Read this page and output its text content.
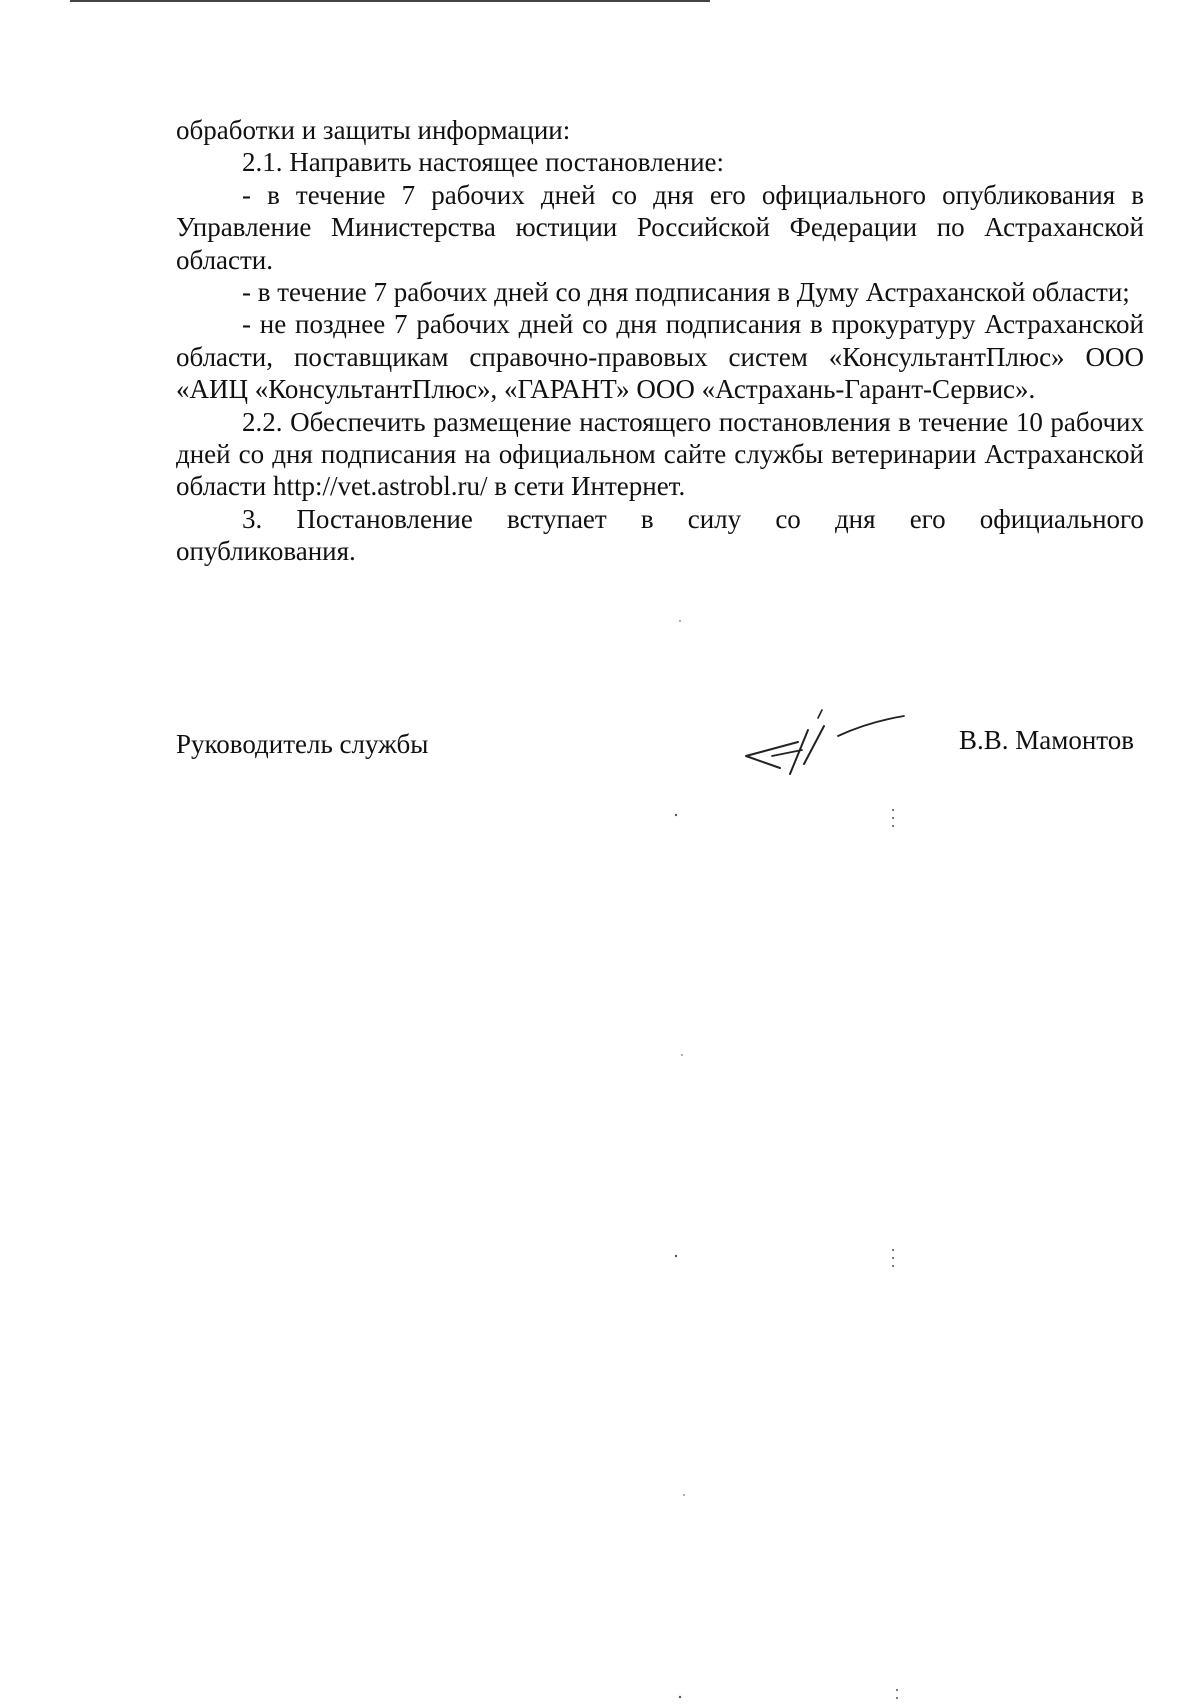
обработки и защиты информации:

2.1. Направить настоящее постановление:

- в течение 7 рабочих дней со дня его официального опубликования в Управление Министерства юстиции Российской Федерации по Астраханской области.

- в течение 7 рабочих дней со дня подписания в Думу Астраханской области;

- не позднее 7 рабочих дней со дня подписания в прокуратуру Астраханской области, поставщикам справочно-правовых систем «КонсультантПлюс» ООО «АИЦ «КонсультантПлюс», «ГАРАНТ» ООО «Астрахань-Гарант-Сервис».

2.2. Обеспечить размещение настоящего постановления в течение 10 рабочих дней со дня подписания на официальном сайте службы ветеринарии Астраханской области http://vet.astrobl.ru/ в сети Интернет.

3. Постановление вступает в силу со дня его официального

опубликования.

Руководитель службы	В.В. Мамонтов
